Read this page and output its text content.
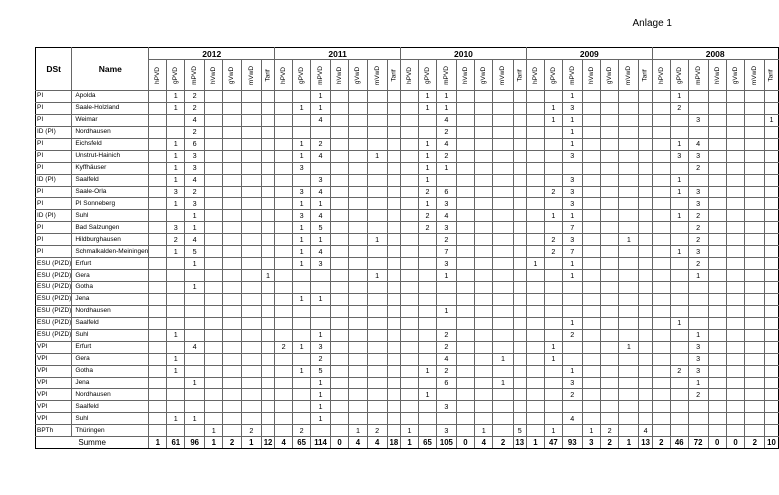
Anlage 1
DSt	Name	2012							2011							2010							2009							2008						
		hPVD	gPVD	mPVD	hVwD	gVwD	mVwD	Tarif	hPVD	gPVD	mPVD	hVwD	gVwD	mVwD	Tarif	hPVD	gPVD	mPVD	hVwD	gVwD	mVwD	Tarif	hPVD	gPVD	mPVD	hVwD	gVwD	mVwD	Tarif	hPVD	gPVD	mPVD	hVwD	gVwD	mVwD	Tarif
PI	Apolda		1	2							1						1	1							1						1					
PI	Saale-Holzland		1	2						1	1						1	1						1	3						2					
PI	Weimar			4							4							4						1	1							3				1
ID (PI)	Nordhausen			2														2							1											
PI	Eichsfeld		1	6						1	2						1	4							1						1	4				
PI	Unstrut-Hainich		1	3						1	4			1			1	2							3						3	3				
PI	Kyffhäuser		1	3						3							1	1														2				
ID (PI)	Saalfeld		1	4							3						1								3						1					
PI	Saale-Orla		3	2						3	4						2	6						2	3						1	3				
PI	PI Sonneberg		1	3						1	1						1	3							3							3				
ID (PI)	Suhl			1						3	4						2	4						1	1						1	2				
PI	Bad Salzungen		3	1						1	5						2	3							7							2				
PI	Hildburghausen		2	4						1	1			1				2						2	3			1				2				
PI	Schmalkalden-Meiningen		1	5						1	4							7						2	7						1	3				
ESU (PIZD)	Erfurt			1						1	3							3					1		1							2				
ESU (PIZD)	Gera							1						1				1							1							1				
ESU (PIZD)	Gotha			1																																
ESU (PIZD)	Jena									1	1																									
ESU (PIZD)	Nordhausen																	1																		
ESU (PIZD)	Saalfeld																								1						1					
ESU (PIZD)	Suhl		1								1							2							2							1				
VPI	Erfurt			4					2	1	3							2						1				1				3				
VPI	Gera		1								2							4			1			1								3				
VPI	Gotha		1							1	5						1	2							1						2	3				
VPI	Jena			1							1							6			1				3							1				
VPI	Nordhausen										1						1								2							2				
VPI	Saalfeld										1							3																		
VPI	Suhl		1	1							1														4											
BPTh	Thüringen				1		2			2			1	2		1		3		1		5		1		1	2		4							
Summe		1	61	96	1	2	1	12	4	65	114	0	4	4	18	1	65	105	0	4	2	13	1	47	93	3	2	1	13	2	46	72	0	0	2	10
